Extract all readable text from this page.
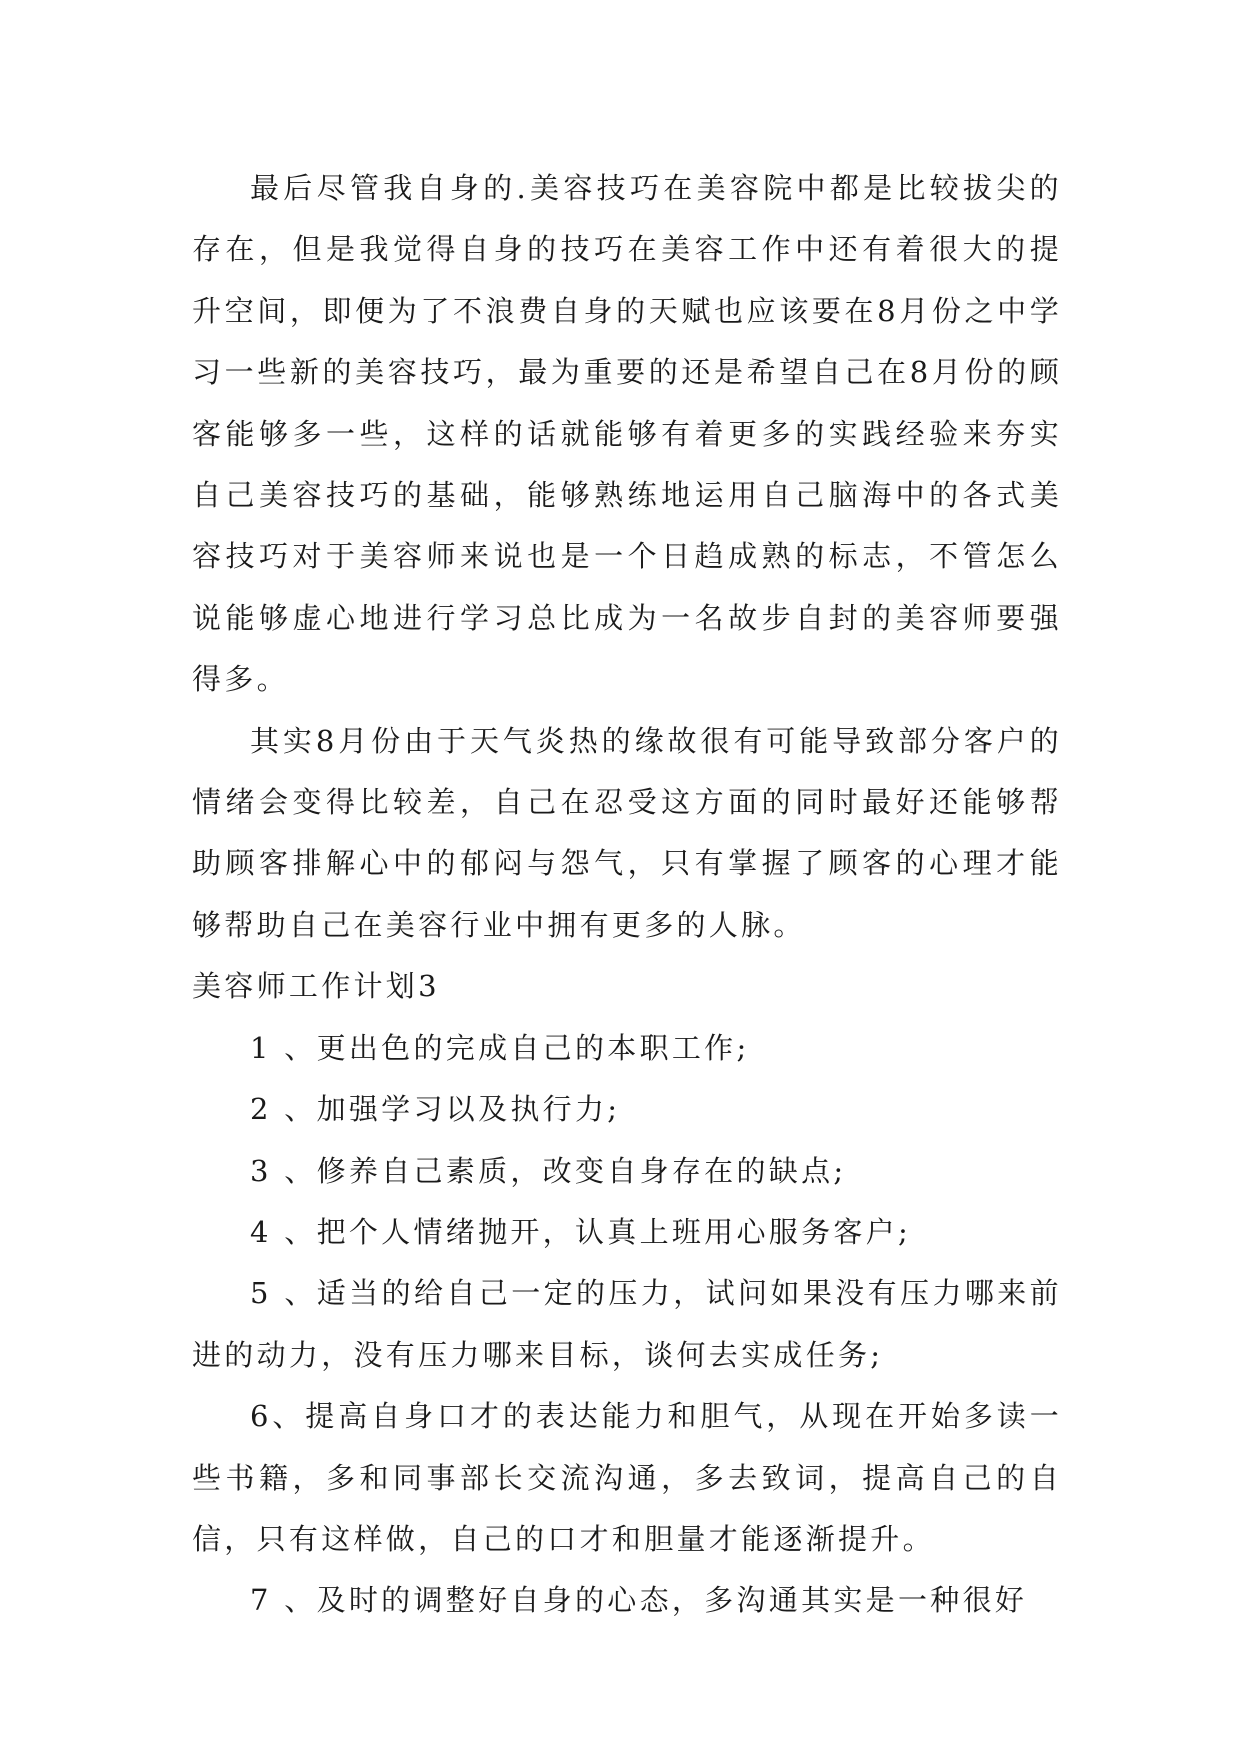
最后尽管我自身的.美容技巧在美容院中都是比较拔尖的存在，但是我觉得自身的技巧在美容工作中还有着很大的提升空间，即便为了不浪费自身的天赋也应该要在8月份之中学习一些新的美容技巧，最为重要的还是希望自己在8月份的顾客能够多一些，这样的话就能够有着更多的实践经验来夯实自己美容技巧的基础，能够熟练地运用自己脑海中的各式美容技巧对于美容师来说也是一个日趋成熟的标志，不管怎么说能够虚心地进行学习总比成为一名故步自封的美容师要强得多。

其实8月份由于天气炎热的缘故很有可能导致部分客户的情绪会变得比较差，自己在忍受这方面的同时最好还能够帮助顾客排解心中的郁闷与怨气，只有掌握了顾客的心理才能够帮助自己在美容行业中拥有更多的人脉。

美容师工作计划3

1 、更出色的完成自己的本职工作;

2 、加强学习以及执行力;

3 、修养自己素质，改变自身存在的缺点;

4 、把个人情绪抛开，认真上班用心服务客户;

5 、适当的给自己一定的压力，试问如果没有压力哪来前进的动力，没有压力哪来目标，谈何去实成任务;

6、提高自身口才的表达能力和胆气，从现在开始多读一些书籍，多和同事部长交流沟通，多去致词，提高自己的自信，只有这样做，自己的口才和胆量才能逐渐提升。

7 、及时的调整好自身的心态，多沟通其实是一种很好
